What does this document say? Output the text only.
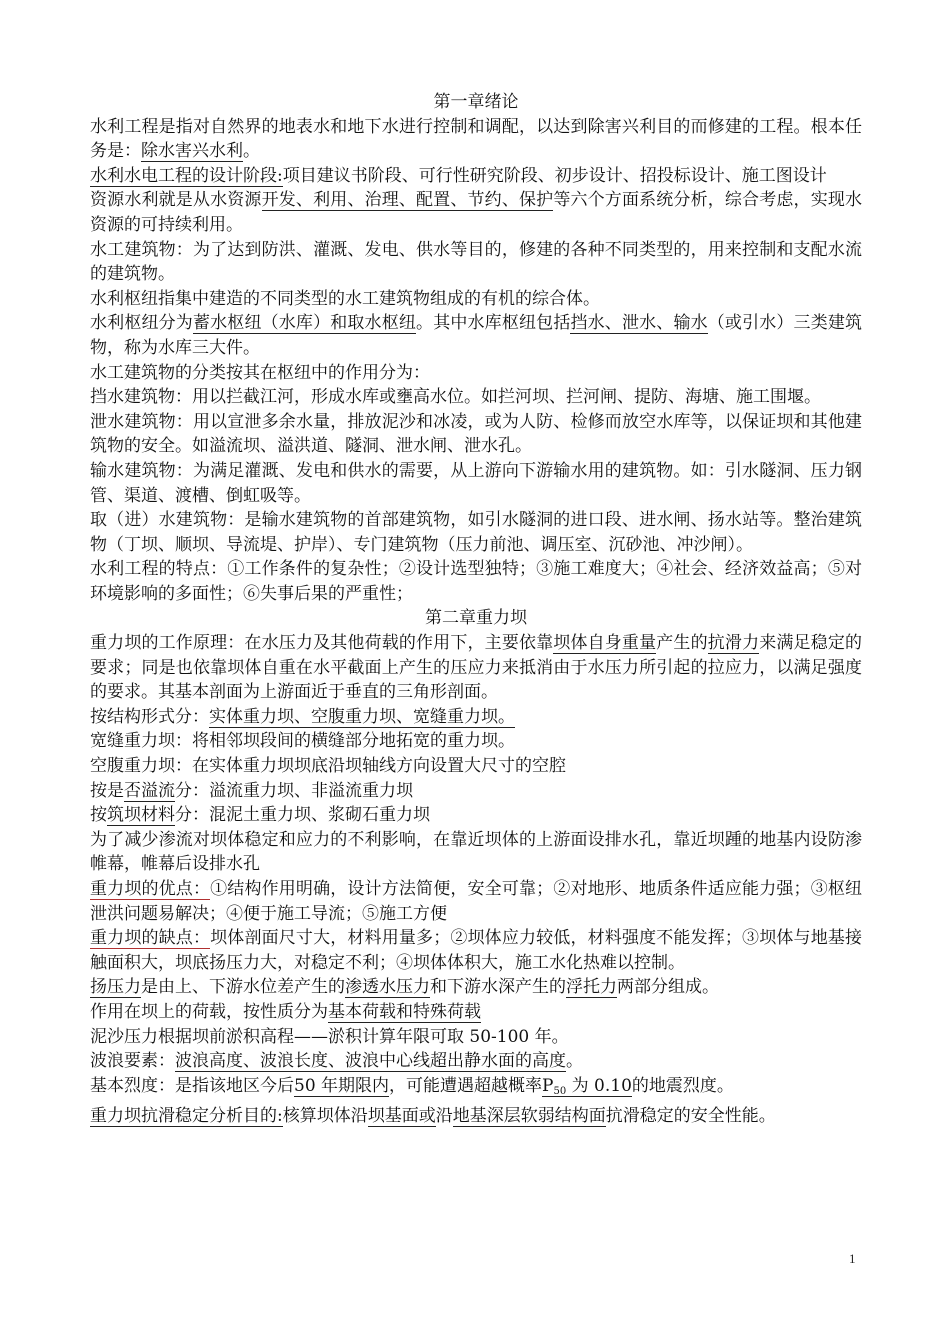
第一章绪论

水利工程是指对自然界的地表水和地下水进行控制和调配，以达到除害兴利目的而修建的工程。根本任务是：除水害兴水利。

水利水电工程的设计阶段:项目建议书阶段、可行性研究阶段、初步设计、招投标设计、施工图设计

资源水利就是从水资源开发、利用、治理、配置、节约、保护等六个方面系统分析，综合考虑，实现水资源的可持续利用。

水工建筑物：为了达到防洪、灌溉、发电、供水等目的，修建的各种不同类型的，用来控制和支配水流的建筑物。

水利枢纽指集中建造的不同类型的水工建筑物组成的有机的综合体。

水利枢纽分为蓄水枢纽（水库）和取水枢纽。其中水库枢纽包括挡水、泄水、输水（或引水）三类建筑物，称为水库三大件。

水工建筑物的分类按其在枢纽中的作用分为：

挡水建筑物：用以拦截江河，形成水库或壅高水位。如拦河坝、拦河闸、提防、海塘、施工围堰。

泄水建筑物：用以宣泄多余水量，排放泥沙和冰凌，或为人防、检修而放空水库等，以保证坝和其他建筑物的安全。如溢流坝、溢洪道、隧洞、泄水闸、泄水孔。

输水建筑物：为满足灌溉、发电和供水的需要，从上游向下游输水用的建筑物。如：引水隧洞、压力钢管、渠道、渡槽、倒虹吸等。

取（进）水建筑物：是输水建筑物的首部建筑物，如引水隧洞的进口段、进水闸、扬水站等。整治建筑物（丁坝、顺坝、导流堤、护岸）、专门建筑物（压力前池、调压室、沉砂池、冲沙闸）。

水利工程的特点：①工作条件的复杂性；②设计选型独特；③施工难度大；④社会、经济效益高；⑤对环境影响的多面性；⑥失事后果的严重性；

第二章重力坝

重力坝的工作原理：在水压力及其他荷载的作用下，主要依靠坝体自身重量产生的抗滑力来满足稳定的要求；同是也依靠坝体自重在水平截面上产生的压应力来抵消由于水压力所引起的拉应力，以满足强度的要求。其基本剖面为上游面近于垂直的三角形剖面。

按结构形式分：实体重力坝、空腹重力坝、宽缝重力坝。

宽缝重力坝：将相邻坝段间的横缝部分地拓宽的重力坝。

空腹重力坝：在实体重力坝坝底沿坝轴线方向设置大尺寸的空腔

按是否溢流分：溢流重力坝、非溢流重力坝

按筑坝材料分：混泥土重力坝、浆砌石重力坝

为了减少渗流对坝体稳定和应力的不利影响，在靠近坝体的上游面设排水孔，靠近坝踵的地基内设防渗帷幕，帷幕后设排水孔

重力坝的优点：①结构作用明确，设计方法简便，安全可靠；②对地形、地质条件适应能力强；③枢纽泄洪问题易解决；④便于施工导流；⑤施工方便

重力坝的缺点：坝体剖面尺寸大，材料用量多；②坝体应力较低，材料强度不能发挥；③坝体与地基接触面积大，坝底扬压力大，对稳定不利；④坝体体积大，施工水化热难以控制。

扬压力是由上、下游水位差产生的渗透水压力和下游水深产生的浮托力两部分组成。

作用在坝上的荷载，按性质分为基本荷载和特殊荷载

泥沙压力根据坝前淤积高程——淤积计算年限可取 50-100 年。

波浪要素：波浪高度、波浪长度、波浪中心线超出静水面的高度。

基本烈度：是指该地区今后50 年期限内，可能遭遇超越概率$P_{50}$ 为 0.10的地震烈度。

重力坝抗滑稳定分析目的:核算坝体沿坝基面或沿地基深层软弱结构面抗滑稳定的安全性能。

1
